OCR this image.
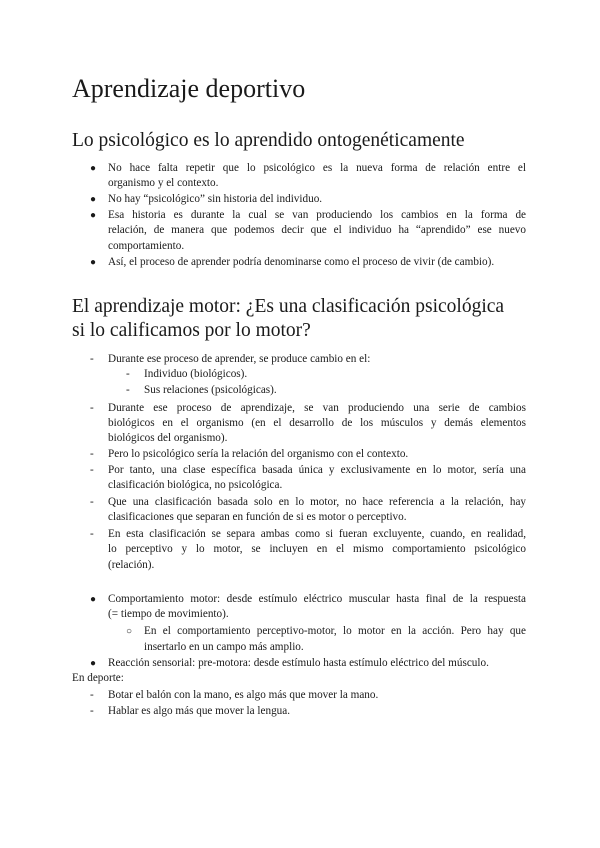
Aprendizaje deportivo
Lo psicológico es lo aprendido ontogenéticamente
● No hace falta repetir que lo psicológico es la nueva forma de relación entre el
organismo y el contexto.
● No hay “psicológico” sin historia del individuo.
● Esa historia es durante la cual se van produciendo los cambios en la forma de
relación, de manera que podemos decir que el individuo ha “aprendido” ese nuevo
comportamiento.
● Así, el proceso de aprender podría denominarse como el proceso de vivir (de cambio).
El aprendizaje motor: ¿Es una clasificación psicológica
si lo calificamos por lo motor?
- Durante ese proceso de aprender, se produce cambio en el:
- Individuo (biológicos).
- Sus relaciones (psicológicas).
- Durante ese proceso de aprendizaje, se van produciendo una serie de cambios
biológicos en el organismo (en el desarrollo de los músculos y demás elementos
biológicos del organismo).
- Pero lo psicológico sería la relación del organismo con el contexto.
- Por tanto, una clase específica basada única y exclusivamente en lo motor, sería una
clasificación biológica, no psicológica.
- Que una clasificación basada solo en lo motor, no hace referencia a la relación, hay
clasificaciones que separan en función de si es motor o perceptivo.
- En esta clasificación se separa ambas como si fueran excluyente, cuando, en realidad,
lo perceptivo y lo motor, se incluyen en el mismo comportamiento psicológico
(relación).
● Comportamiento motor: desde estímulo eléctrico muscular hasta final de la respuesta
(= tiempo de movimiento).
○ En el comportamiento perceptivo-motor, lo motor en la acción. Pero hay que
insertarlo en un campo más amplio.
● Reacción sensorial: pre-motora: desde estímulo hasta estímulo eléctrico del músculo.
En deporte:
- Botar el balón con la mano, es algo más que mover la mano.
- Hablar es algo más que mover la lengua.
